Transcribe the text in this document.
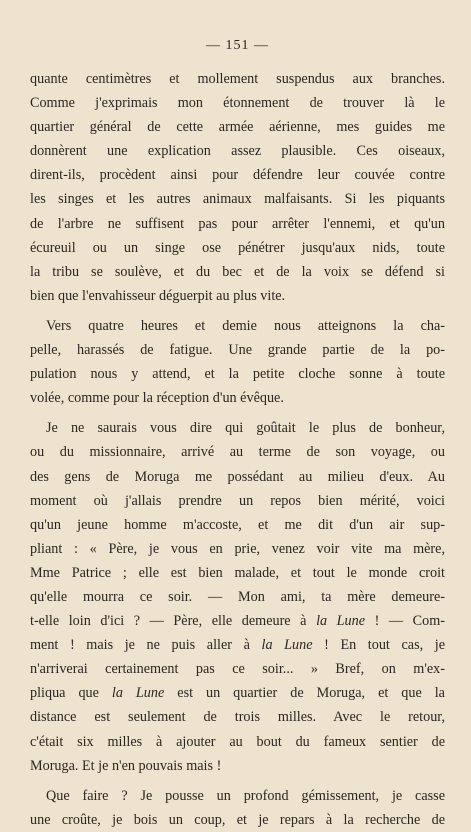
— 151 —
quante centimètres et mollement suspendus aux branches.
Comme j'exprimais mon étonnement de trouver là le
quartier général de cette armée aérienne, mes guides me
donnèrent une explication assez plausible. Ces oiseaux,
dirent-ils, procèdent ainsi pour défendre leur couvée contre
les singes et les autres animaux malfaisants. Si les piquants
de l'arbre ne suffisent pas pour arrêter l'ennemi, et qu'un
écureuil ou un singe ose pénétrer jusqu'aux nids, toute
la tribu se soulève, et du bec et de la voix se défend si
bien que l'envahisseur déguerpit au plus vite.
Vers quatre heures et demie nous atteignons la cha-
pelle, harassés de fatigue. Une grande partie de la po-
pulation nous y attend, et la petite cloche sonne à toute
volée, comme pour la réception d'un évêque.
Je ne saurais vous dire qui goûtait le plus de bonheur,
ou du missionnaire, arrivé au terme de son voyage, ou
des gens de Moruga me possédant au milieu d'eux. Au
moment où j'allais prendre un repos bien mérité, voici
qu'un jeune homme m'accoste, et me dit d'un air sup-
pliant : « Père, je vous en prie, venez voir vite ma mère,
Mme Patrice ; elle est bien malade, et tout le monde croit
qu'elle mourra ce soir. — Mon ami, ta mère demeure-
t-elle loin d'ici ? — Père, elle demeure à la Lune ! — Com-
ment ! mais je ne puis aller à la Lune ! En tout cas, je
n'arriverai certainement pas ce soir... » Bref, on m'ex-
pliqua que la Lune est un quartier de Moruga, et que la
distance est seulement de trois milles. Avec le retour,
c'était six milles à ajouter au bout du fameux sentier de
Moruga. Et je n'en pouvais mais !
Que faire ? Je pousse un profond gémissement, je casse
une croûte, je bois un coup, et je repars à la recherche de
